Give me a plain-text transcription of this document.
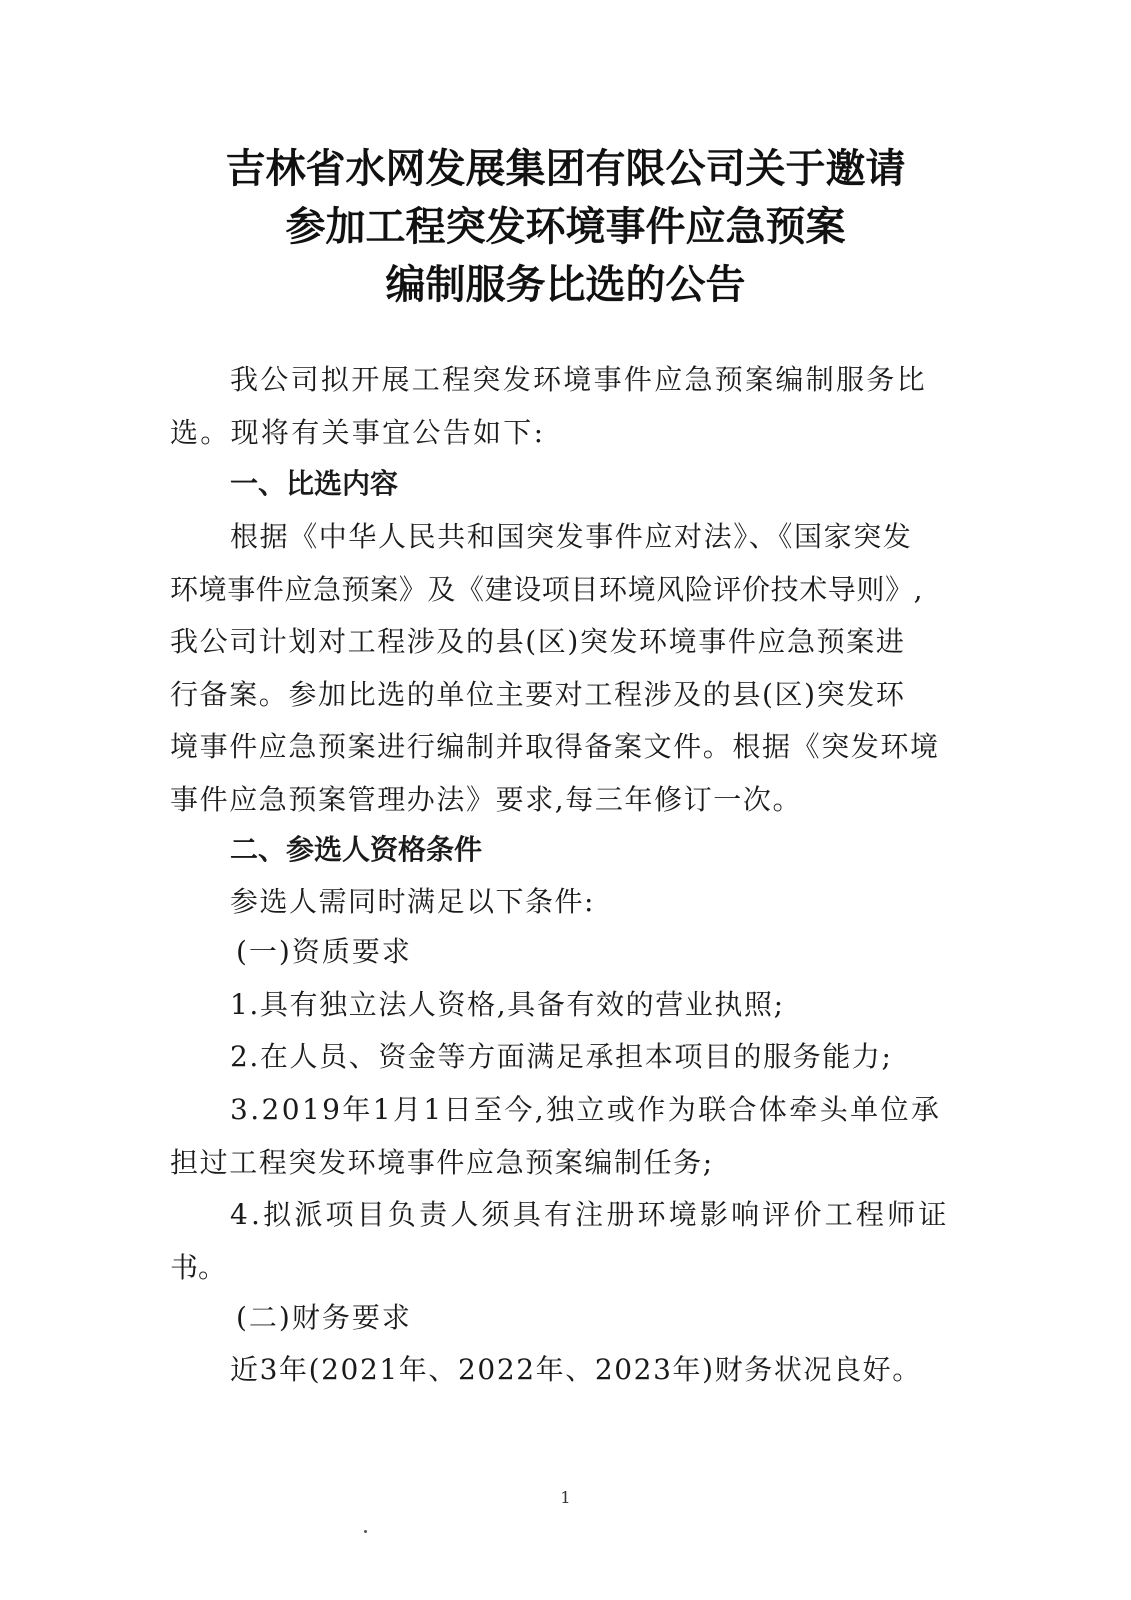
吉林省水网发展集团有限公司关于邀请
参加工程突发环境事件应急预案
编制服务比选的公告
我公司拟开展工程突发环境事件应急预案编制服务比
选。现将有关事宜公告如下:
一、比选内容
根据《中华人民共和国突发事件应对法》、《国家突发
环境事件应急预案》及《建设项目环境风险评价技术导则》,
我公司计划对工程涉及的县(区)突发环境事件应急预案进
行备案。参加比选的单位主要对工程涉及的县(区)突发环
境事件应急预案进行编制并取得备案文件。根据《突发环境
事件应急预案管理办法》要求,每三年修订一次。
二、参选人资格条件
参选人需同时满足以下条件:
(一)资质要求
1.具有独立法人资格,具备有效的营业执照;
2.在人员、资金等方面满足承担本项目的服务能力;
3.2019年1月1日至今,独立或作为联合体牵头单位承
担过工程突发环境事件应急预案编制任务;
4.拟派项目负责人须具有注册环境影响评价工程师证
书。
(二)财务要求
近3年(2021年、2022年、2023年)财务状况良好。
1
